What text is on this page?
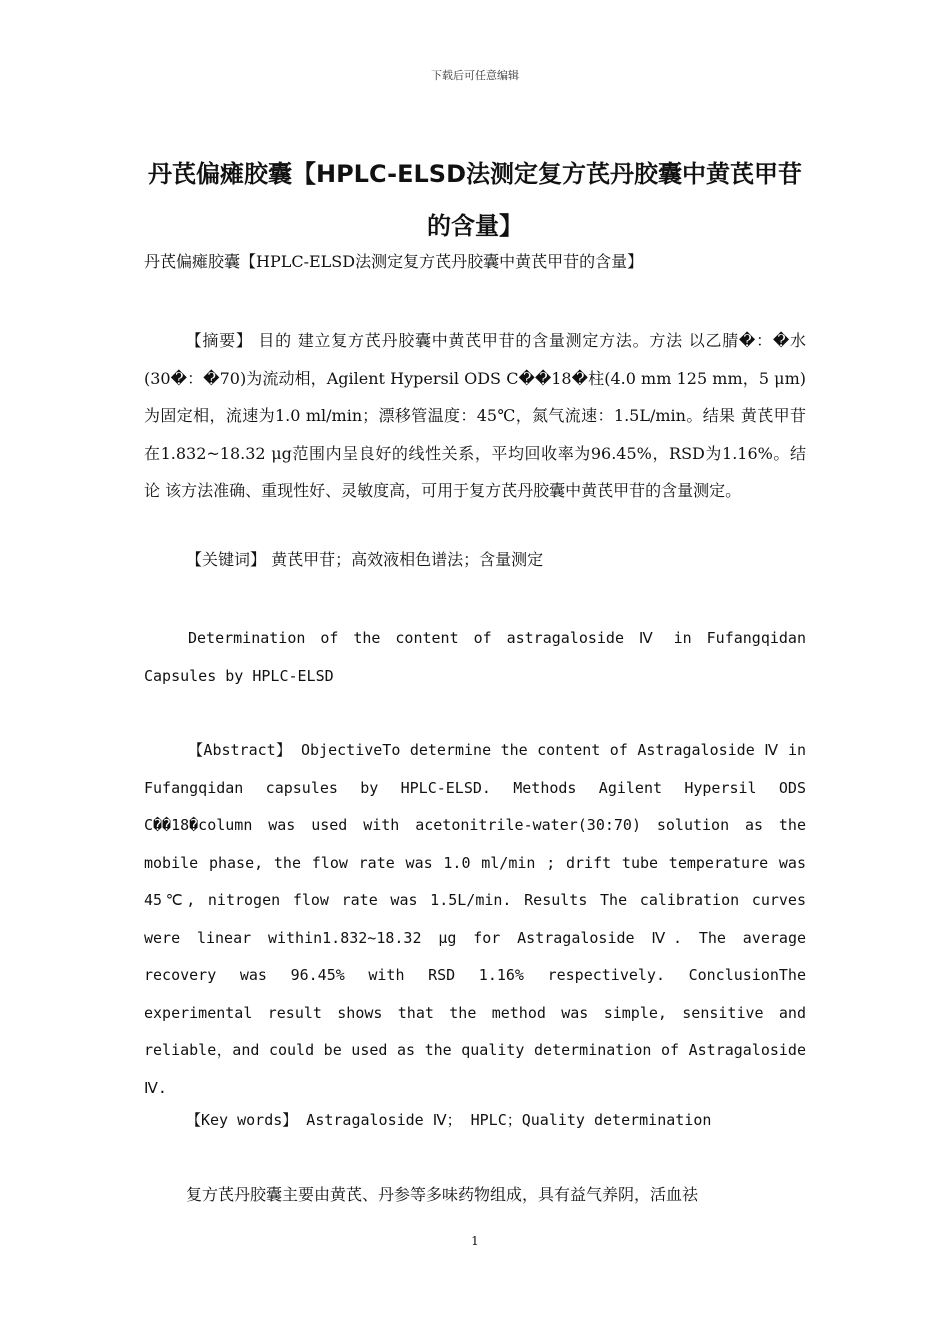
下载后可任意编辑
丹芪偏瘫胶囊【HPLC-ELSD法测定复方芪丹胶囊中黄芪甲苷的含量】
丹芪偏瘫胶囊【HPLC-ELSD法测定复方芪丹胶囊中黄芪甲苷的含量】
【摘要】 目的 建立复方芪丹胶囊中黄芪甲苷的含量测定方法。方法 以乙腈�：�水(30�：�70)为流动相，Agilent Hypersil ODS C��18�柱(4.0 mm 125 mm，5 μm)为固定相，流速为1.0 ml/min；漂移管温度：45℃，氮气流速：1.5L/min。结果 黄芪甲苷在1.832~18.32 μg范围内呈良好的线性关系，平均回收率为96.45%，RSD为1.16%。结论 该方法准确、重现性好、灵敏度高，可用于复方芪丹胶囊中黄芪甲苷的含量测定。
【关键词】 黄芪甲苷；高效液相色谱法；含量测定
Determination of the content of astragaloside Ⅳ in Fufangqidan Capsules by HPLC-ELSD
【Abstract】 ObjectiveTo determine the content of Astragaloside Ⅳ in Fufangqidan capsules by HPLC-ELSD. Methods Agilent Hypersil ODS C��18�column was used with acetonitrile-water(30:70) solution as the mobile phase, the flow rate was 1.0 ml/min ; drift tube temperature was 45℃, nitrogen flow rate was 1.5L/min. Results The calibration curves were linear within1.832~18.32 μg for Astragaloside Ⅳ. The average recovery was 96.45% with RSD 1.16% respectively. ConclusionThe experimental result shows that the method was simple, sensitive and reliable，and could be used as the quality determination of Astragaloside Ⅳ.
【Key words】 Astragaloside Ⅳ； HPLC；Quality determination
复方芪丹胶囊主要由黄芪、丹参等多味药物组成，具有益气养阴，活血祛
1
